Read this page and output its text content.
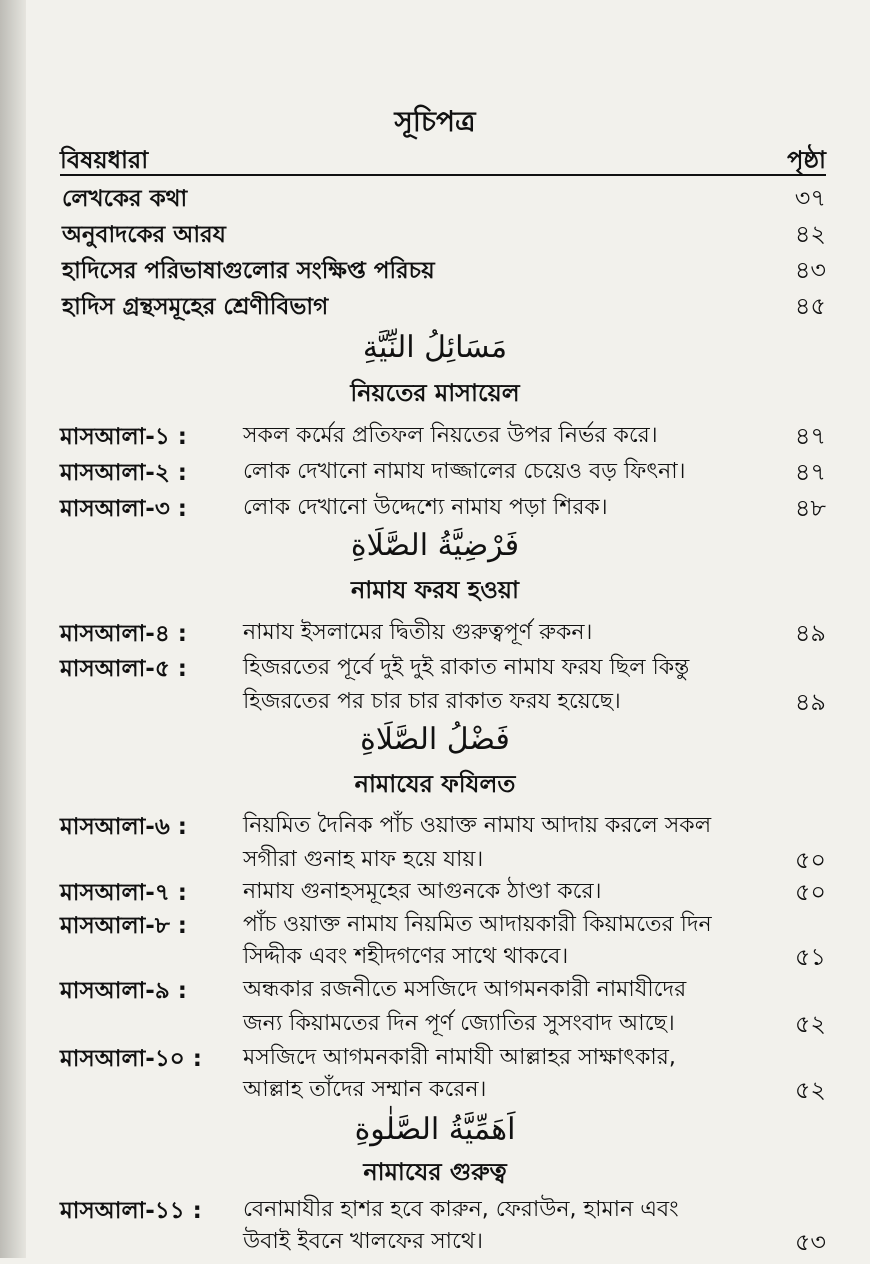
সূচিপত্র
বিষয়ধারা	পৃষ্ঠা
লেখকের কথা	৩৭
অনুবাদকের আরয	৪২
হাদিসের পরিভাষাগুলোর সংক্ষিপ্ত পরিচয়	৪৩
হাদিস গ্রন্থসমূহের শ্রেণীবিভাগ	৪৫
مَسَائِلُ النِّيَّةِ
নিয়তের মাসায়েল
মাসআলা-১ :	সকল কর্মের প্রতিফল নিয়তের উপর নির্ভর করে।	৪৭
মাসআলা-২ :	লোক দেখানো নামায দাজ্জালের চেয়েও বড় ফিৎনা।	৪৭
মাসআলা-৩ :	লোক দেখানো উদ্দেশ্যে নামায পড়া শিরক।	৪৮
فَرْضِيَّةُ الصَّلَاةِ
নামায ফরয হওয়া
মাসআলা-৪ :	নামায ইসলামের দ্বিতীয় গুরুত্বপূর্ণ রুকন।	৪৯
মাসআলা-৫ :	হিজরতের পূর্বে দুই দুই রাকাত নামায ফরয ছিল কিন্তু
হিজরতের পর চার চার রাকাত ফরয হয়েছে।	৪৯
فَضْلُ الصَّلَاةِ
নামাযের ফযিলত
মাসআলা-৬ :	নিয়মিত দৈনিক পাঁচ ওয়াক্ত নামায আদায় করলে সকল
সগীরা গুনাহ মাফ হয়ে যায়।	৫০
মাসআলা-৭ :	নামায গুনাহসমূহের আগুনকে ঠাণ্ডা করে।	৫০
মাসআলা-৮ :	পাঁচ ওয়াক্ত নামায নিয়মিত আদায়কারী কিয়ামতের দিন
সিদ্দীক এবং শহীদগণের সাথে থাকবে।	৫১
মাসআলা-৯ :	অন্ধকার রজনীতে মসজিদে আগমনকারী নামাযীদের
জন্য কিয়ামতের দিন পূর্ণ জ্যোতির সুসংবাদ আছে।	৫২
মাসআলা-১০ : মসজিদে আগমনকারী নামাযী আল্লাহর সাক্ষাৎকার,
আল্লাহ তাঁদের সম্মান করেন।	৫২
اَهَمِّيَّةُ الصَّلٰوةِ
নামাযের গুরুত্ব
মাসআলা-১১ : বেনামাযীর হাশর হবে কারুন, ফেরাউন, হামান এবং
উবাই ইবনে খালফের সাথে।	৫৩
